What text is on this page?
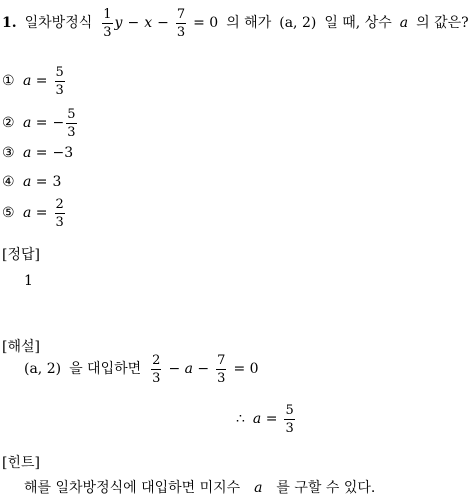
1. 일차방정식 $\frac{1}{3}$ $y - x - \frac{7}{3} = 0$ 의 해가 (a, 2) 일 때, 상수 a 의 값은?
① $a = \frac{5}{3}$
② a = − $\frac{5}{3}$
③ a = −3
④ a = 3
⑤ $a = \frac{2}{3}$
[정답]
1
[해설]
(a, 2) 을 대입하면 $\frac{2}{3} - a - \frac{7}{3} = 0$
∴ $a = \frac{5}{3}$
[힌트]
해를 일차방정식에 대입하면 미지수 a 를 구할 수 있다.
